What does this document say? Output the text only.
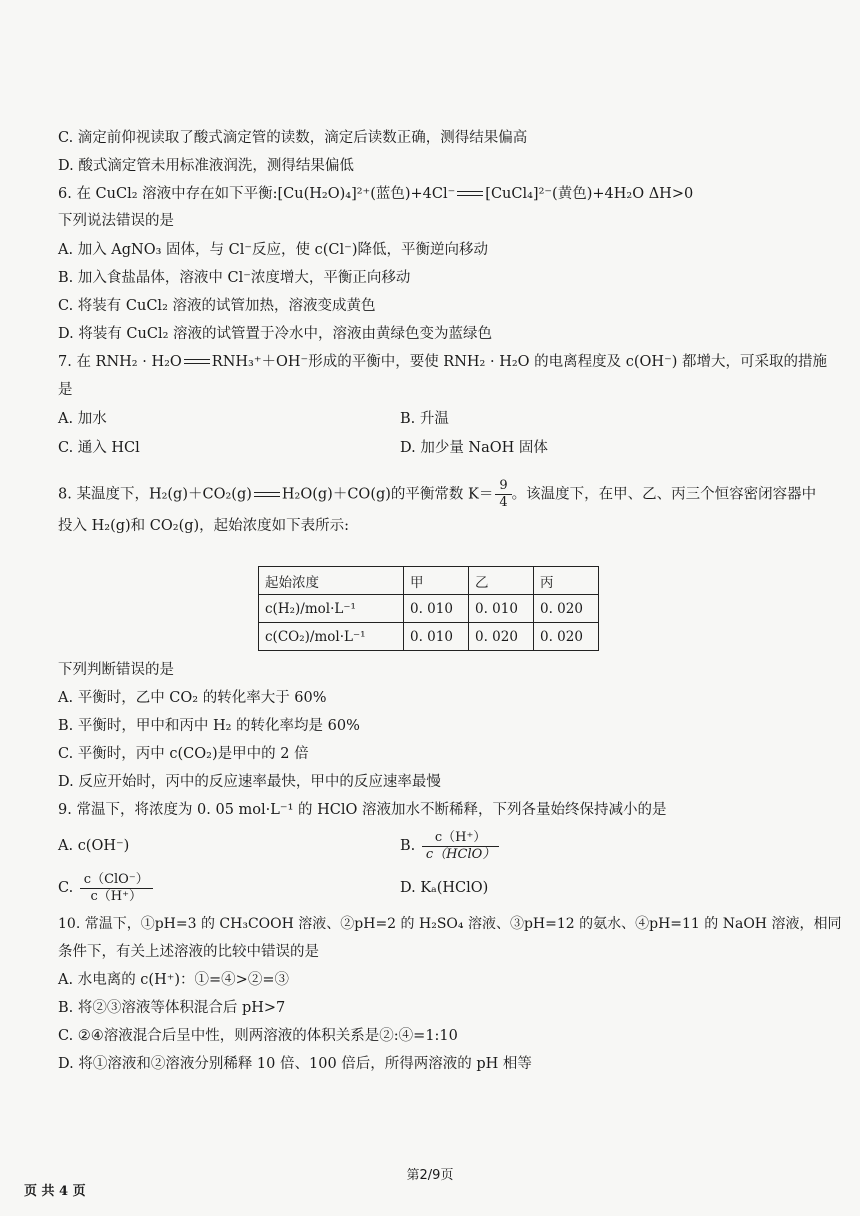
C. 滴定前仰视读取了酸式滴定管的读数，滴定后读数正确，测得结果偏高
D. 酸式滴定管未用标准液润洗，测得结果偏低
6. 在 CuCl₂ 溶液中存在如下平衡:[Cu(H₂O)₄]²⁺(蓝色)+4Cl⁻ [CuCl₄]²⁻(黄色)+4H₂O ΔH>0
下列说法错误的是
A. 加入 AgNO₃ 固体，与 Cl⁻反应，使 c(Cl⁻)降低，平衡逆向移动
B. 加入食盐晶体，溶液中 Cl⁻浓度增大，平衡正向移动
C. 将装有 CuCl₂ 溶液的试管加热，溶液变成黄色
D. 将装有 CuCl₂ 溶液的试管置于冷水中，溶液由黄绿色变为蓝绿色
7. 在 RNH₂ · H₂O RNH₃⁺＋OH⁻形成的平衡中，要使 RNH₂ · H₂O 的电离程度及 c(OH⁻) 都增大，可采取的措施
是
A. 加水	B. 升温
C. 通入 HCl	D. 加少量 NaOH 固体
8. 某温度下，H₂(g)＋CO₂(g) H₂O(g)＋CO(g)的平衡常数 $K= \frac{9}{4}$ 。该温度下，在甲、乙、丙三个恒容密闭容器中
投入 H₂(g)和 CO₂(g)，起始浓度如下表所示:
起始浓度	甲	乙	丙
c(H₂)/mol·L⁻¹	0. 010	0. 010	0. 020
c(CO₂)/mol·L⁻¹	0. 010	0. 020	0. 020
下列判断错误的是
A. 平衡时，乙中 CO₂ 的转化率大于 60%
B. 平衡时，甲中和丙中 H₂ 的转化率均是 60%
C. 平衡时，丙中 c(CO₂)是甲中的 2 倍
D. 反应开始时，丙中的反应速率最快，甲中的反应速率最慢
9. 常温下，将浓度为 0. 05 mol·L⁻¹ 的 HClO 溶液加水不断稀释，下列各量始终保持减小的是
A. c(OH⁻)	B. $\frac{c(H^+)}{\text{c（HClO）}}$
C. $\frac{\text{c（ClO⁻）}}{c(H^+)}$	D. Kₐ(HClO)
10. 常温下，①pH=3 的 CH₃COOH 溶液、②pH=2 的 H₂SO₄ 溶液、③pH=12 的氨水、④pH=11 的 NaOH 溶液，相同
条件下，有关上述溶液的比较中错误的是
A. 水电离的 c(H⁺)：①=④>②=③
B. 将②③溶液等体积混合后 pH>7
C. ②④溶液混合后呈中性，则两溶液的体积关系是②:④=1:10
D. 将①溶液和②溶液分别稀释 10 倍、100 倍后，所得两溶液的 pH 相等
第2/9页
页 共 4 页
